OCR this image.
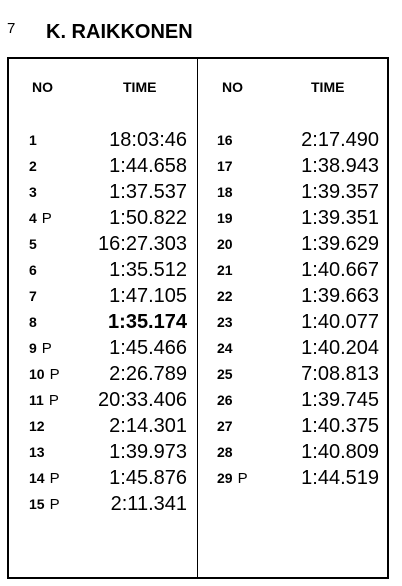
7 K. RAIKKONEN
NO	TIME
1	18:03:46
2	1:44.658
3	1:37.537
4 P	1:50.822
5	16:27.303
6	1:35.512
7	1:47.105
8	1:35.174
9 P	1:45.466
10 P 2:26.789
11 P 20:33.406
12	2:14.301
13	1:39.973
14 P 1:45.876
15 P	2:11.341
NO	TIME
16	2:17.490
17	1:38.943
18	1:39.357
19	1:39.351
20	1:39.629
21	1:40.667
22	1:39.663
23	1:40.077
24	1:40.204
25	7:08.813
26	1:39.745
27	1:40.375
28	1:40.809
29 P	1:44.519
